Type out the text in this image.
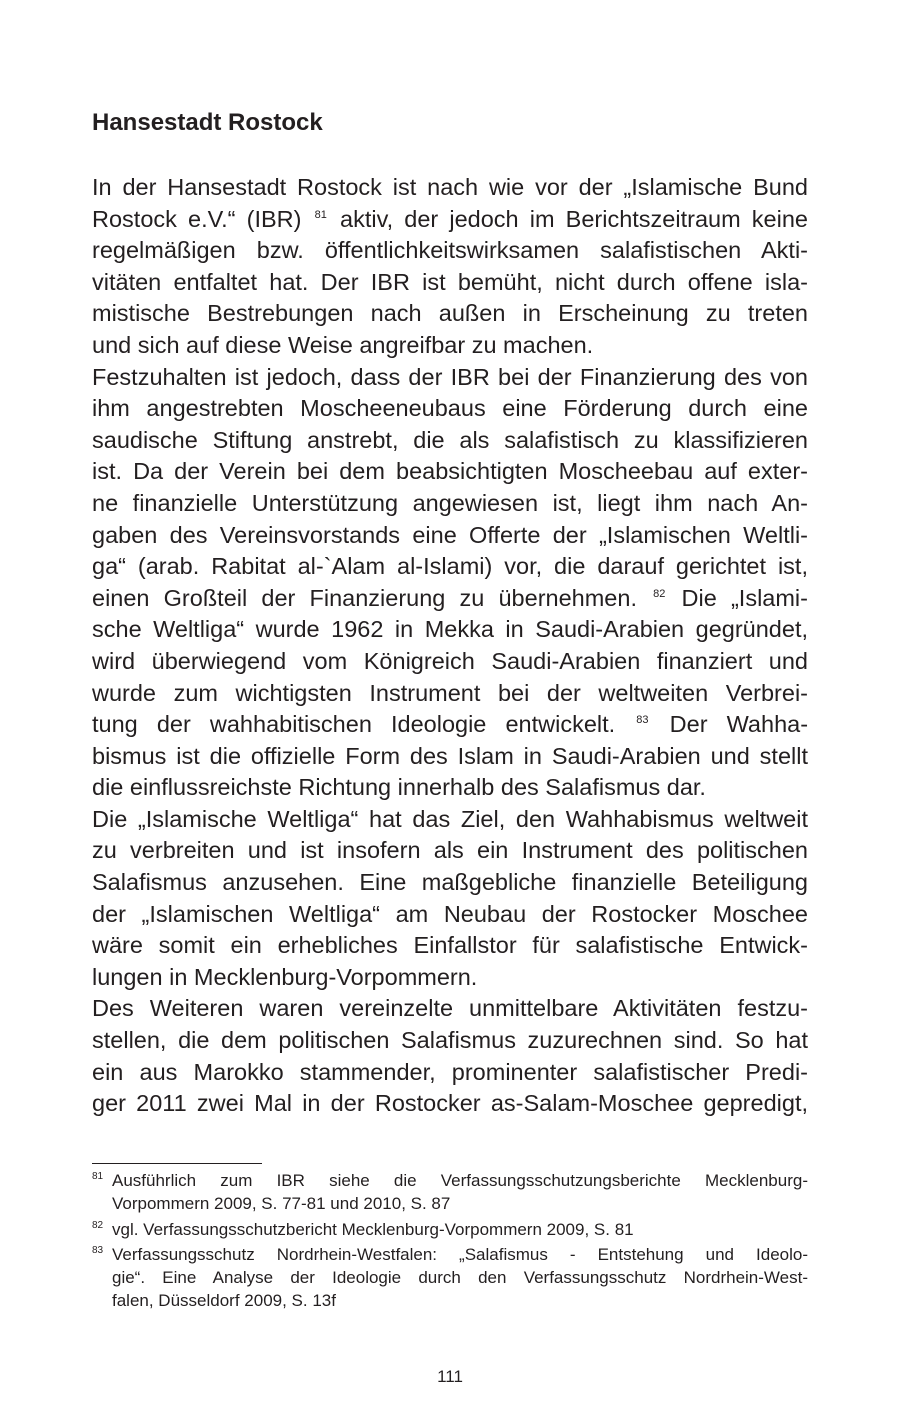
Hansestadt Rostock
In der Hansestadt Rostock ist nach wie vor der „Islamische Bund
Rostock e.V.“ (IBR) $^{81}$ aktiv, der jedoch im Berichtszeitraum keine
regelmäßigen bzw. öffentlichkeitswirksamen salafistischen Akti-
vitäten entfaltet hat. Der IBR ist bemüht, nicht durch offene isla-
mistische Bestrebungen nach außen in Erscheinung zu treten
und sich auf diese Weise angreifbar zu machen.
Festzuhalten ist jedoch, dass der IBR bei der Finanzierung des von
ihm angestrebten Moscheeneubaus eine Förderung durch eine
saudische Stiftung anstrebt, die als salafistisch zu klassifizieren
ist. Da der Verein bei dem beabsichtigten Moscheebau auf exter-
ne finanzielle Unterstützung angewiesen ist, liegt ihm nach An-
gaben des Vereinsvorstands eine Offerte der „Islamischen Weltli-
ga“ (arab. Rabitat al-`Alam al-Islami) vor, die darauf gerichtet ist,
einen Großteil der Finanzierung zu übernehmen. $^{82}$ Die „Islami-
sche Weltliga“ wurde 1962 in Mekka in Saudi-Arabien gegründet,
wird überwiegend vom Königreich Saudi-Arabien finanziert und
wurde zum wichtigsten Instrument bei der weltweiten Verbrei-
tung der wahhabitischen Ideologie entwickelt. $^{83}$ Der Wahha-
bismus ist die offizielle Form des Islam in Saudi-Arabien und stellt
die einflussreichste Richtung innerhalb des Salafismus dar.
Die „Islamische Weltliga“ hat das Ziel, den Wahhabismus weltweit
zu verbreiten und ist insofern als ein Instrument des politischen
Salafismus anzusehen. Eine maßgebliche finanzielle Beteiligung
der „Islamischen Weltliga“ am Neubau der Rostocker Moschee
wäre somit ein erhebliches Einfallstor für salafistische Entwick-
lungen in Mecklenburg-Vorpommern.
Des Weiteren waren vereinzelte unmittelbare Aktivitäten festzu-
stellen, die dem politischen Salafismus zuzurechnen sind. So hat
ein aus Marokko stammender, prominenter salafistischer Predi-
ger 2011 zwei Mal in der Rostocker as-Salam-Moschee gepredigt,
81 Ausführlich zum IBR siehe die Verfassungsschutzungsberichte Mecklenburg-
Vorpommern 2009, S. 77-81 und 2010, S. 87
82 vgl. Verfassungsschutzbericht Mecklenburg-Vorpommern 2009, S. 81
83 Verfassungsschutz Nordrhein-Westfalen: „Salafismus - Entstehung und Ideolo-
gie“. Eine Analyse der Ideologie durch den Verfassungsschutz Nordrhein-West-
falen, Düsseldorf 2009, S. 13f
111
